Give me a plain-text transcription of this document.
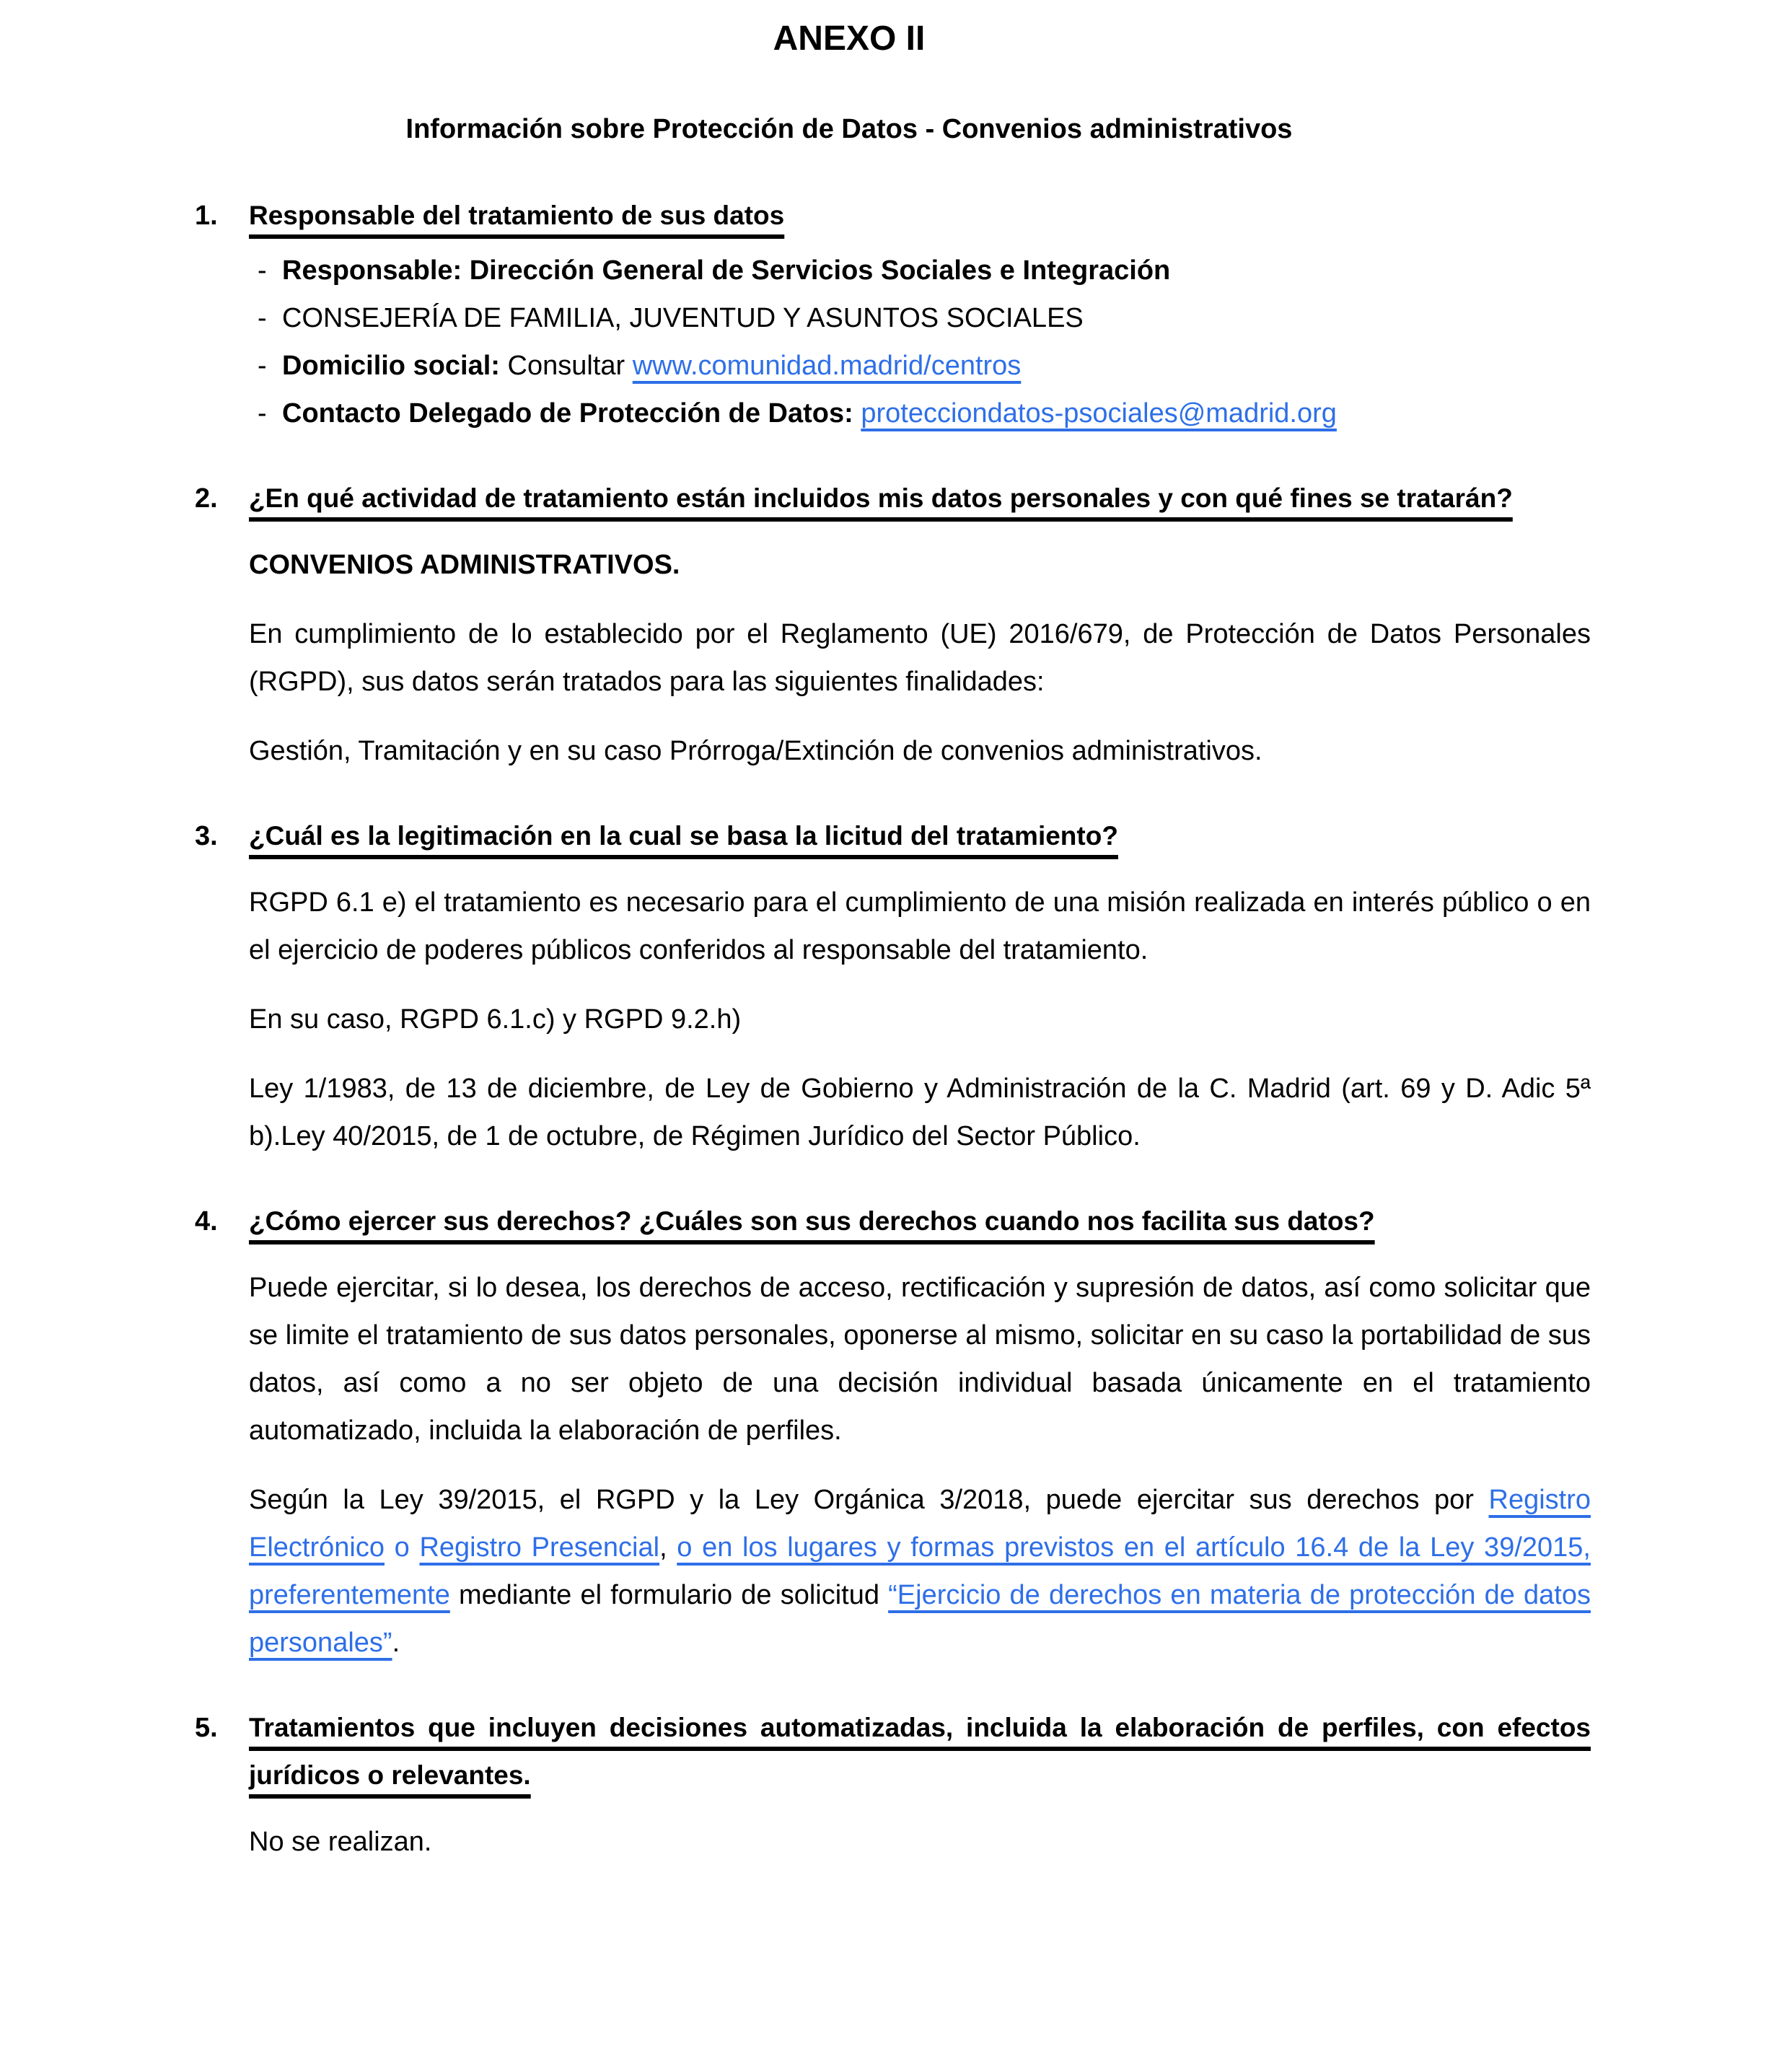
ANEXO II
Información sobre Protección de Datos - Convenios administrativos
1.	Responsable del tratamiento de sus datos

- Responsable: Dirección General de Servicios Sociales e Integración
- CONSEJERÍA DE FAMILIA, JUVENTUD Y ASUNTOS SOCIALES
- Domicilio social: Consultar www.comunidad.madrid/centros
- Contacto Delegado de Protección de Datos: protecciondatos-psociales@madrid.org
2.	¿En qué actividad de tratamiento están incluidos mis datos personales y con qué fines se tratarán?

CONVENIOS ADMINISTRATIVOS.

En cumplimiento de lo establecido por el Reglamento (UE) 2016/679, de Protección de Datos Personales (RGPD), sus datos serán tratados para las siguientes finalidades:

Gestión, Tramitación y en su caso Prórroga/Extinción de convenios administrativos.

3.	¿Cuál es la legitimación en la cual se basa la licitud del tratamiento?

RGPD 6.1 e) el tratamiento es necesario para el cumplimiento de una misión realizada en interés público o en el ejercicio de poderes públicos conferidos al responsable del tratamiento.

En su caso, RGPD 6.1.c) y RGPD 9.2.h)

Ley 1/1983, de 13 de diciembre, de Ley de Gobierno y Administración de la C. Madrid (art. 69 y D. Adic 5ª b).Ley 40/2015, de 1 de octubre, de Régimen Jurídico del Sector Público.

4.	¿Cómo ejercer sus derechos? ¿Cuáles son sus derechos cuando nos facilita sus datos?

Puede ejercitar, si lo desea, los derechos de acceso, rectificación y supresión de datos, así como solicitar que se limite el tratamiento de sus datos personales, oponerse al mismo, solicitar en su caso la portabilidad de sus datos, así como a no ser objeto de una decisión individual basada únicamente en el tratamiento automatizado, incluida la elaboración de perfiles.

Según la Ley 39/2015, el RGPD y la Ley Orgánica 3/2018, puede ejercitar sus derechos por Registro Electrónico o Registro Presencial, o en los lugares y formas previstos en el artículo 16.4 de la Ley 39/2015, preferentemente mediante el formulario de solicitud “Ejercicio de derechos en materia de protección de datos personales”.

5.	Tratamientos que incluyen decisiones automatizadas, incluida la elaboración de perfiles, con efectos jurídicos o relevantes.

No se realizan.
